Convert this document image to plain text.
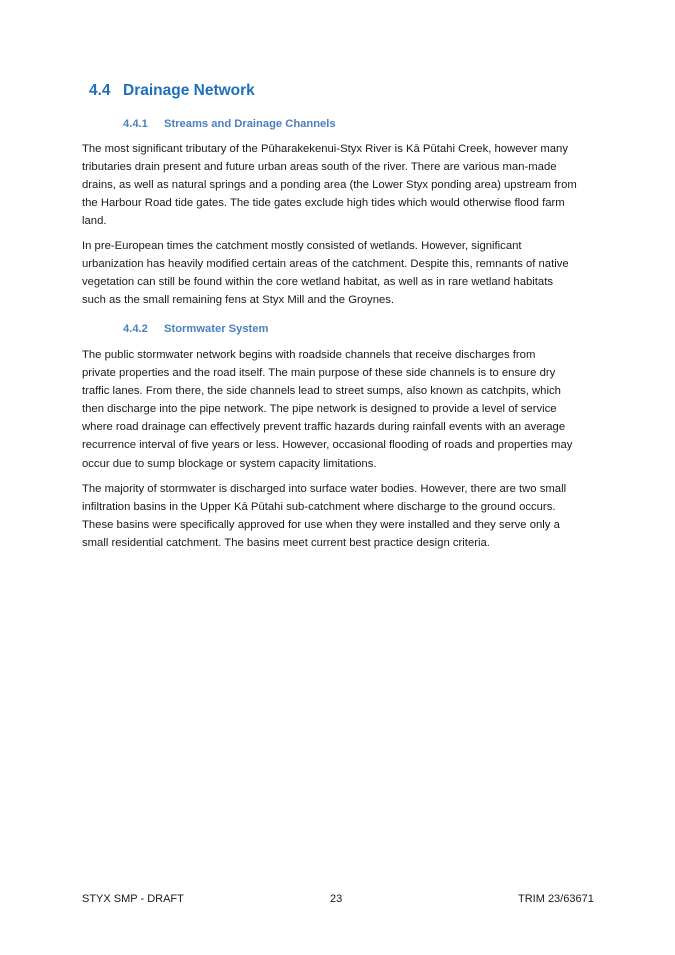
4.4 Drainage Network
4.4.1 Streams and Drainage Channels
The most significant tributary of the Pūharakekenui-Styx River is Kā Pūtahi Creek, however many
tributaries drain present and future urban areas south of the river. There are various man-made
drains, as well as natural springs and a ponding area (the Lower Styx ponding area) upstream from
the Harbour Road tide gates. The tide gates exclude high tides which would otherwise flood farm
land.
In pre-European times the catchment mostly consisted of wetlands. However, significant
urbanization has heavily modified certain areas of the catchment. Despite this, remnants of native
vegetation can still be found within the core wetland habitat, as well as in rare wetland habitats
such as the small remaining fens at Styx Mill and the Groynes.
4.4.2 Stormwater System
The public stormwater network begins with roadside channels that receive discharges from
private properties and the road itself. The main purpose of these side channels is to ensure dry
traffic lanes. From there, the side channels lead to street sumps, also known as catchpits, which
then discharge into the pipe network. The pipe network is designed to provide a level of service
where road drainage can effectively prevent traffic hazards during rainfall events with an average
recurrence interval of five years or less. However, occasional flooding of roads and properties may
occur due to sump blockage or system capacity limitations.
The majority of stormwater is discharged into surface water bodies. However, there are two small
infiltration basins in the Upper Kā Pūtahi sub-catchment where discharge to the ground occurs.
These basins were specifically approved for use when they were installed and they serve only a
small residential catchment. The basins meet current best practice design criteria.
STYX SMP - DRAFT	23	TRIM 23/63671
